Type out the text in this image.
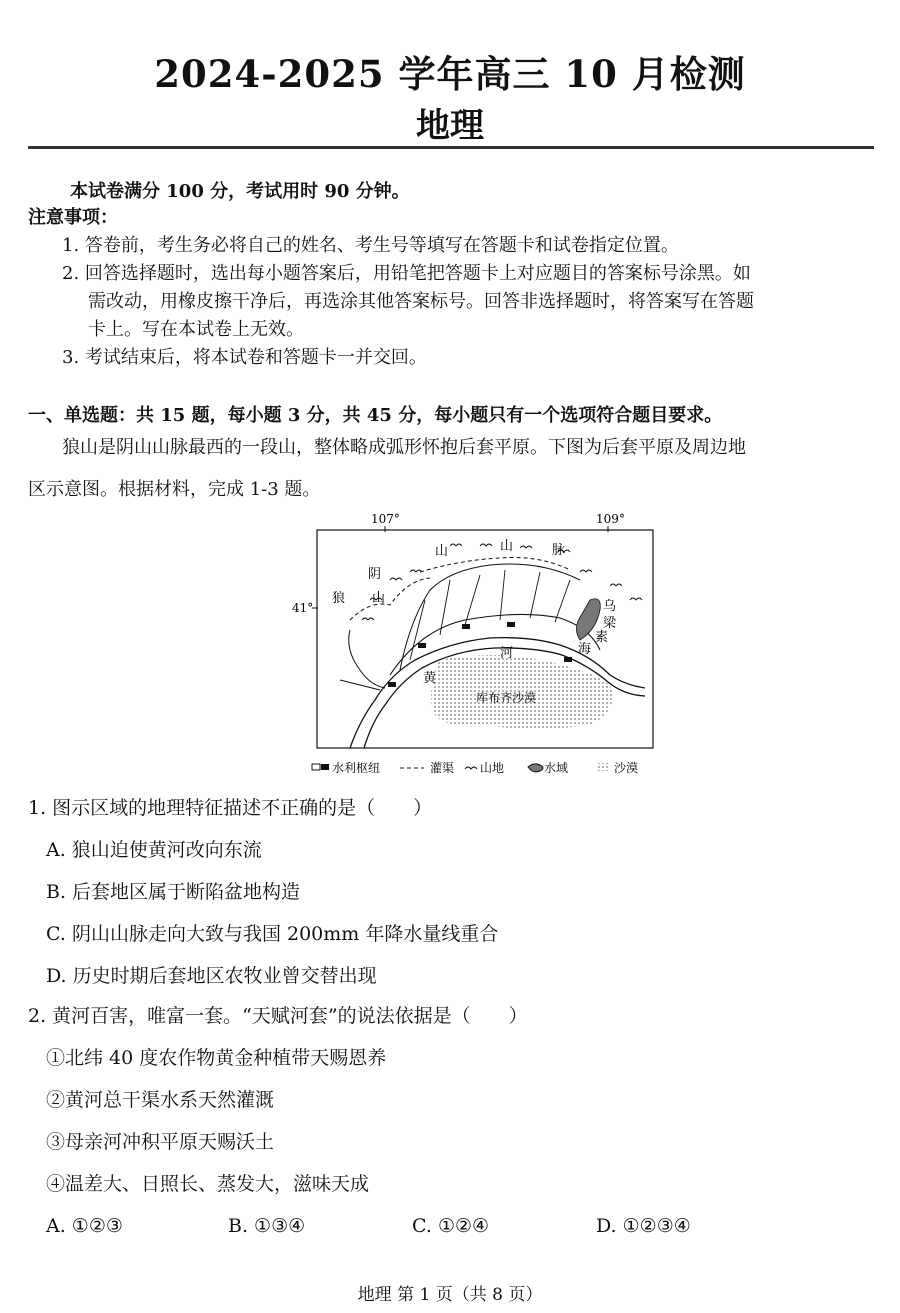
2024-2025 学年高三 10 月检测
地理
本试卷满分 100 分，考试用时 90 分钟。
注意事项：
1. 答卷前，考生务必将自己的姓名、考生号等填写在答题卡和试卷指定位置。
2. 回答选择题时，选出每小题答案后，用铅笔把答题卡上对应题目的答案标号涂黑。如
需改动，用橡皮擦干净后，再选涂其他答案标号。回答非选择题时，将答案写在答题
卡上。写在本试卷上无效。
3. 考试结束后，将本试卷和答题卡一并交回。
一、单选题：共 15 题，每小题 3 分，共 45 分，每小题只有一个选项符合题目要求。
狼山是阴山山脉最西的一段山，整体略成弧形怀抱后套平原。下图为后套平原及周边地
区示意图。根据材料，完成 1-3 题。
107°	109°
41°
山	山	脉
阴
山
狼
乌
梁
素
海
河
黄
库布齐沙漠
水利枢纽	灌渠 山地	水域	沙漠
1. 图示区域的地理特征描述不正确的是（　　）
A. 狼山迫使黄河改向东流
B. 后套地区属于断陷盆地构造
C. 阴山山脉走向大致与我国 200mm 年降水量线重合
D. 历史时期后套地区农牧业曾交替出现
2. 黄河百害，唯富一套。“天赋河套”的说法依据是（　　）
①北纬 40 度农作物黄金种植带天赐恩养
②黄河总干渠水系天然灌溉
③母亲河冲积平原天赐沃土
④温差大、日照长、蒸发大，滋味天成
A. ①②③	B. ①③④	C. ①②④	D. ①②③④
地理 第 1 页（共 8 页）
